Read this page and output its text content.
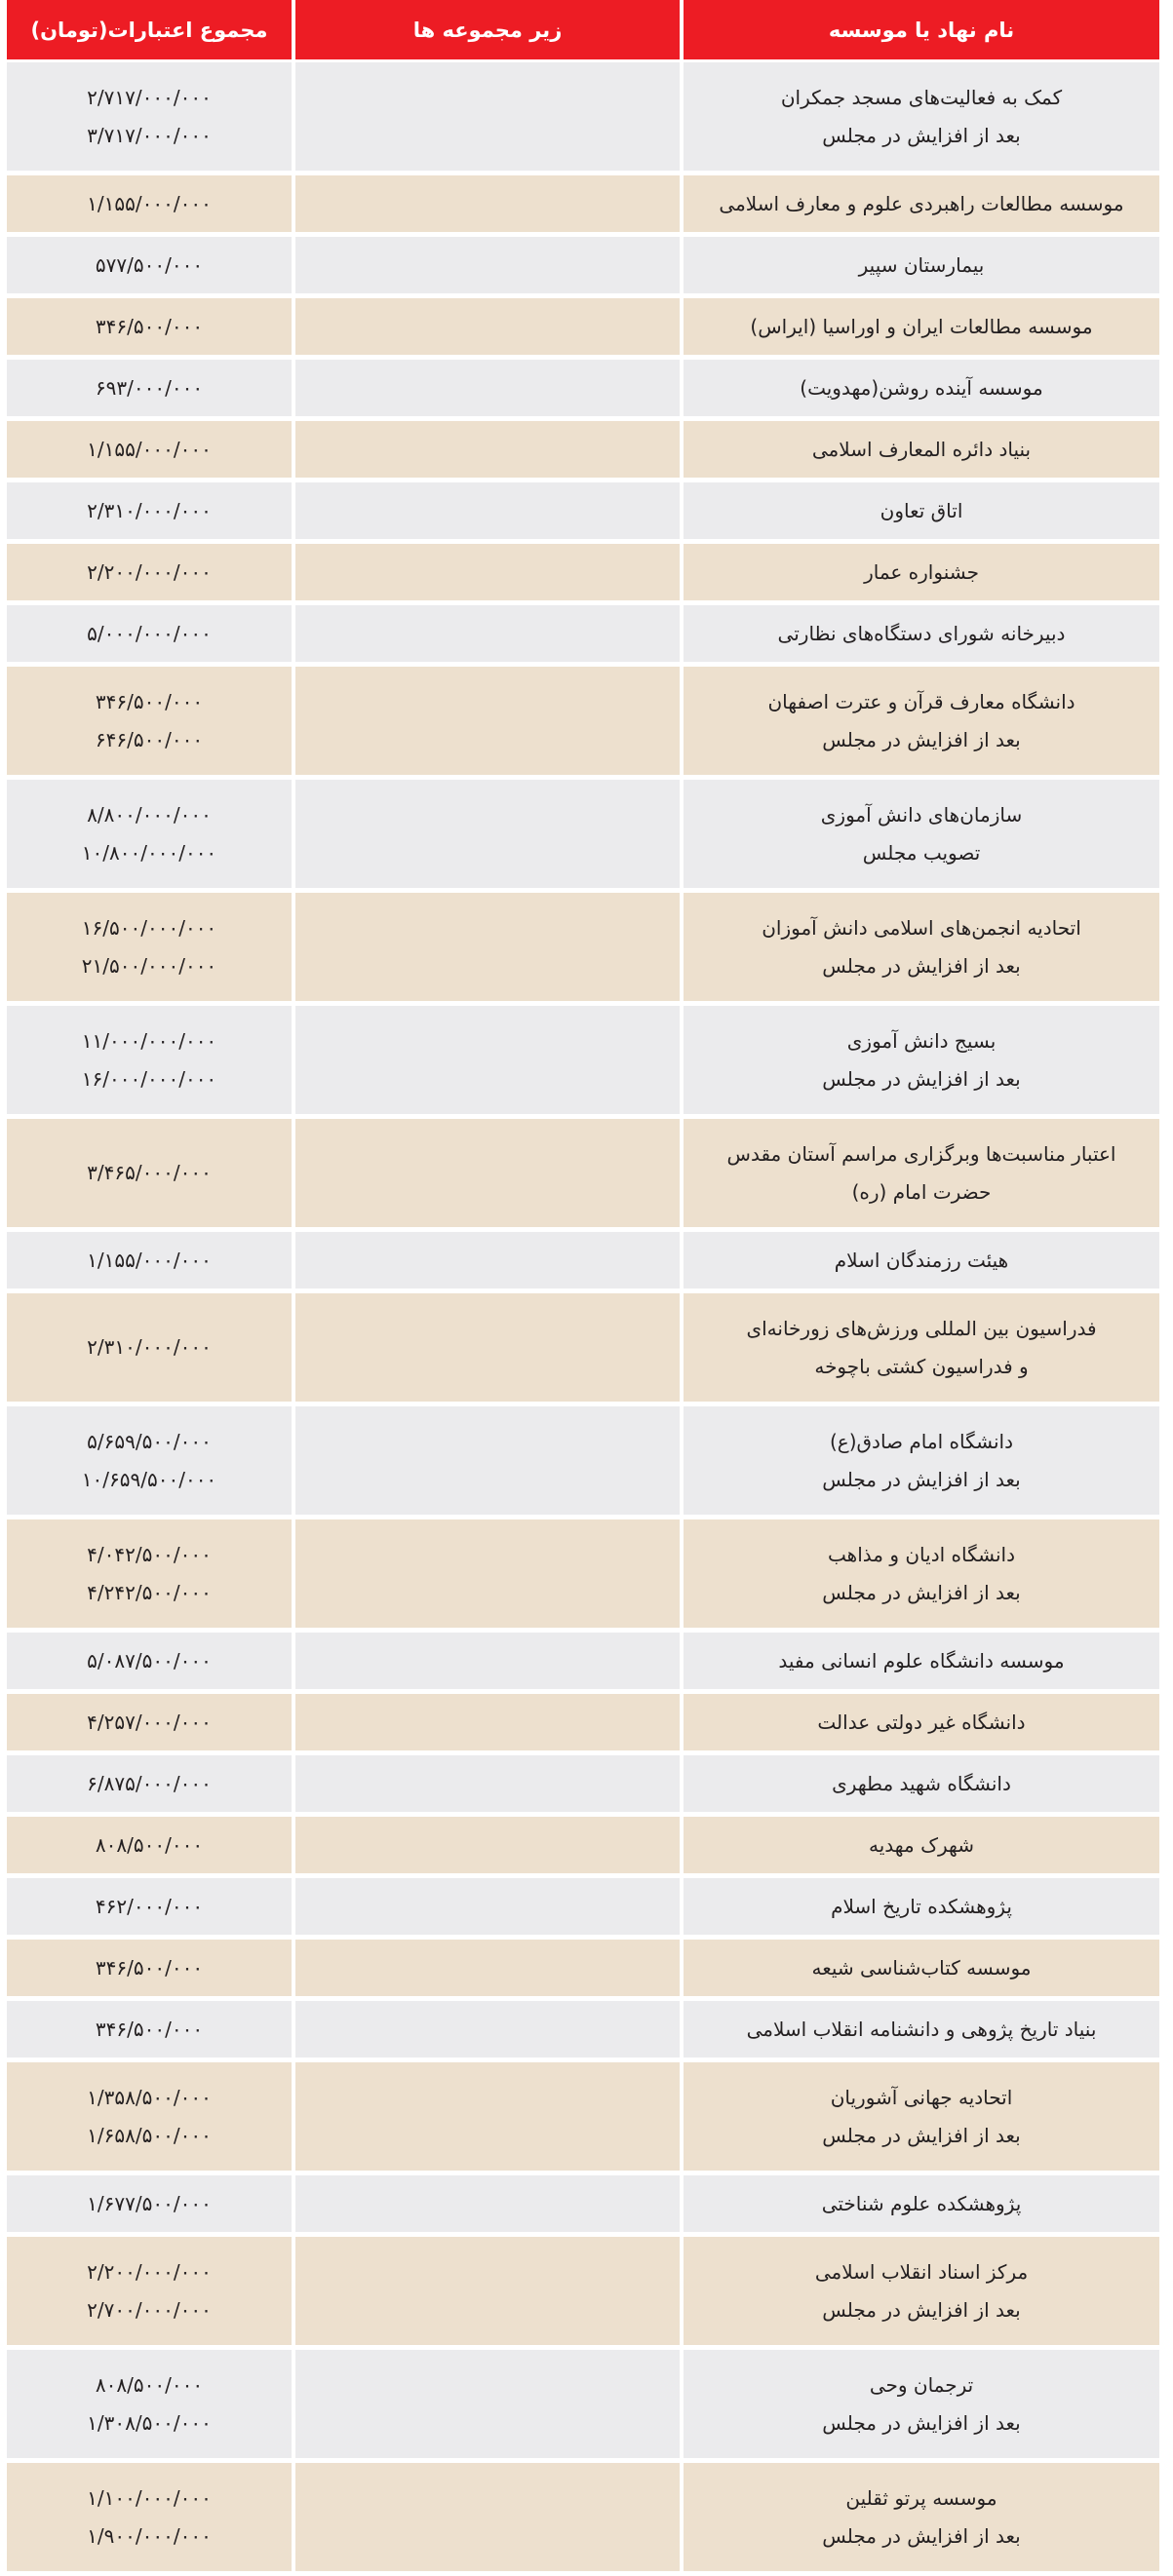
نام نهاد یا موسسه
زیر مجموعه ها
مجموع اعتبارات(تومان)
کمک به فعالیت‌های مسجد جمکران
بعد از افزایش در مجلس
۲/۷۱۷/۰۰۰/۰۰۰
۳/۷۱۷/۰۰۰/۰۰۰
موسسه مطالعات راهبردی علوم و معارف اسلامی
۱/۱۵۵/۰۰۰/۰۰۰
بیمارستان سپیر
۵۷۷/۵۰۰/۰۰۰
موسسه مطالعات ایران و اوراسیا (ایراس)
۳۴۶/۵۰۰/۰۰۰
موسسه آینده روشن(مهدویت)
۶۹۳/۰۰۰/۰۰۰
بنیاد دائره المعارف اسلامی
۱/۱۵۵/۰۰۰/۰۰۰
اتاق تعاون
۲/۳۱۰/۰۰۰/۰۰۰
جشنواره عمار
۲/۲۰۰/۰۰۰/۰۰۰
دبیرخانه شورای دستگاه‌های نظارتی
۵/۰۰۰/۰۰۰/۰۰۰
دانشگاه معارف قرآن و عترت اصفهان
بعد از افزایش در مجلس
۳۴۶/۵۰۰/۰۰۰
۶۴۶/۵۰۰/۰۰۰
سازمان‌های دانش آموزی
تصویب مجلس
۸/۸۰۰/۰۰۰/۰۰۰
۱۰/۸۰۰/۰۰۰/۰۰۰
اتحادیه انجمن‌های اسلامی دانش آموزان
بعد از افزایش در مجلس
۱۶/۵۰۰/۰۰۰/۰۰۰
۲۱/۵۰۰/۰۰۰/۰۰۰
بسیج دانش آموزی
بعد از افزایش در مجلس
۱۱/۰۰۰/۰۰۰/۰۰۰
۱۶/۰۰۰/۰۰۰/۰۰۰
اعتبار مناسبت‌ها وبرگزاری مراسم آستان مقدس
حضرت امام (ره)
۳/۴۶۵/۰۰۰/۰۰۰
هیئت رزمندگان اسلام
۱/۱۵۵/۰۰۰/۰۰۰
فدراسیون بین المللی ورزش‌های زورخانه‌ای
و فدراسیون کشتی باچوخه
۲/۳۱۰/۰۰۰/۰۰۰
دانشگاه امام صادق(ع)
بعد از افزایش در مجلس
۵/۶۵۹/۵۰۰/۰۰۰
۱۰/۶۵۹/۵۰۰/۰۰۰
دانشگاه ادیان و مذاهب
بعد از افزایش در مجلس
۴/۰۴۲/۵۰۰/۰۰۰
۴/۲۴۲/۵۰۰/۰۰۰
موسسه دانشگاه علوم انسانی مفید
۵/۰۸۷/۵۰۰/۰۰۰
دانشگاه غیر دولتی عدالت
۴/۲۵۷/۰۰۰/۰۰۰
دانشگاه شهید مطهری
۶/۸۷۵/۰۰۰/۰۰۰
شهرک مهدیه
۸۰۸/۵۰۰/۰۰۰
پژوهشکده تاریخ اسلام
۴۶۲/۰۰۰/۰۰۰
موسسه کتاب‌شناسی شیعه
۳۴۶/۵۰۰/۰۰۰
بنیاد تاریخ پژوهی و دانشنامه انقلاب اسلامی
۳۴۶/۵۰۰/۰۰۰
اتحادیه جهانی آشوریان
بعد از افزایش در مجلس
۱/۳۵۸/۵۰۰/۰۰۰
۱/۶۵۸/۵۰۰/۰۰۰
پژوهشکده علوم شناختی
۱/۶۷۷/۵۰۰/۰۰۰
مرکز اسناد انقلاب اسلامی
بعد از افزایش در مجلس
۲/۲۰۰/۰۰۰/۰۰۰
۲/۷۰۰/۰۰۰/۰۰۰
ترجمان وحی
بعد از افزایش در مجلس
۸۰۸/۵۰۰/۰۰۰
۱/۳۰۸/۵۰۰/۰۰۰
موسسه پرتو ثقلین
بعد از افزایش در مجلس
۱/۱۰۰/۰۰۰/۰۰۰
۱/۹۰۰/۰۰۰/۰۰۰
